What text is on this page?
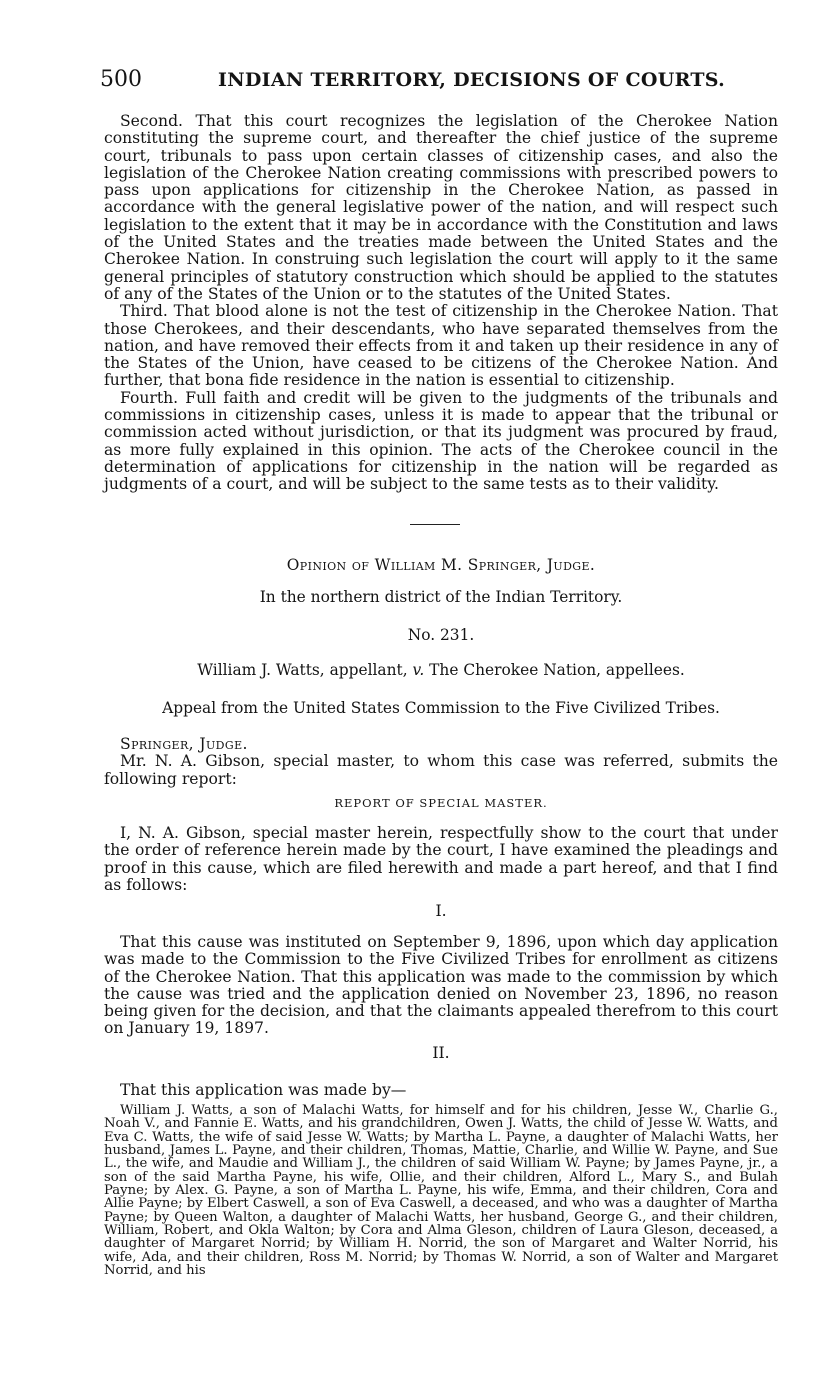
500	INDIAN TERRITORY, DECISIONS OF COURTS.

Second. That this court recognizes the legislation of the Cherokee Nation constituting the supreme court, and thereafter the chief justice of the supreme court, tribunals to pass upon certain classes of citizenship cases, and also the legislation of the Cherokee Nation creating commissions with prescribed powers to pass upon applications for citizenship in the Cherokee Nation, as passed in accordance with the general legislative power of the nation, and will respect such legislation to the extent that it may be in accordance with the Constitution and laws of the United States and the treaties made between the United States and the Cherokee Nation. In construing such legislation the court will apply to it the same general principles of statutory construction which should be applied to the statutes of any of the States of the Union or to the statutes of the United States.

Third. That blood alone is not the test of citizenship in the Cherokee Nation. That those Cherokees, and their descendants, who have separated themselves from the nation, and have removed their effects from it and taken up their residence in any of the States of the Union, have ceased to be citizens of the Cherokee Nation. And further, that bona fide residence in the nation is essential to citizenship.

Fourth. Full faith and credit will be given to the judgments of the tribunals and commissions in citizenship cases, unless it is made to appear that the tribunal or commission acted without jurisdiction, or that its judgment was procured by fraud, as more fully explained in this opinion. The acts of the Cherokee council in the determination of applications for citizenship in the nation will be regarded as judgments of a court, and will be subject to the same tests as to their validity.

Opinion of William M. Springer, Judge.
In the northern district of the Indian Territory.
No. 231.
William J. Watts, appellant, v. The Cherokee Nation, appellees.
Appeal from the United States Commission to the Five Civilized Tribes.

Springer, Judge.

Mr. N. A. Gibson, special master, to whom this case was referred, submits the following report:

REPORT OF SPECIAL MASTER.

I, N. A. Gibson, special master herein, respectfully show to the court that under the order of reference herein made by the court, I have examined the pleadings and proof in this cause, which are filed herewith and made a part hereof, and that I find as follows:

I.

That this cause was instituted on September 9, 1896, upon which day application was made to the Commission to the Five Civilized Tribes for enrollment as citizens of the Cherokee Nation. That this application was made to the commission by which the cause was tried and the application denied on November 23, 1896, no reason being given for the decision, and that the claimants appealed therefrom to this court on January 19, 1897.

II.

That this application was made by—

William J. Watts, a son of Malachi Watts, for himself and for his children, Jesse W., Charlie G., Noah V., and Fannie E. Watts, and his grandchildren, Owen J. Watts, the child of Jesse W. Watts, and Eva C. Watts, the wife of said Jesse W. Watts; by Martha L. Payne, a daughter of Malachi Watts, her husband, James L. Payne, and their children, Thomas, Mattie, Charlie, and Willie W. Payne, and Sue L., the wife, and Maudie and William J., the children of said William W. Payne; by James Payne, jr., a son of the said Martha Payne, his wife, Ollie, and their children, Alford L., Mary S., and Bulah Payne; by Alex. G. Payne, a son of Martha L. Payne, his wife, Emma, and their children, Cora and Allie Payne; by Elbert Caswell, a son of Eva Caswell, a deceased, and who was a daughter of Martha Payne; by Queen Walton, a daughter of Malachi Watts, her husband, George G., and their children, William, Robert, and Okla Walton; by Cora and Alma Gleson, children of Laura Gleson, deceased, a daughter of Margaret Norrid; by William H. Norrid, the son of Margaret and Walter Norrid, his wife, Ada, and their children, Ross M. Norrid; by Thomas W. Norrid, a son of Walter and Margaret Norrid, and his
